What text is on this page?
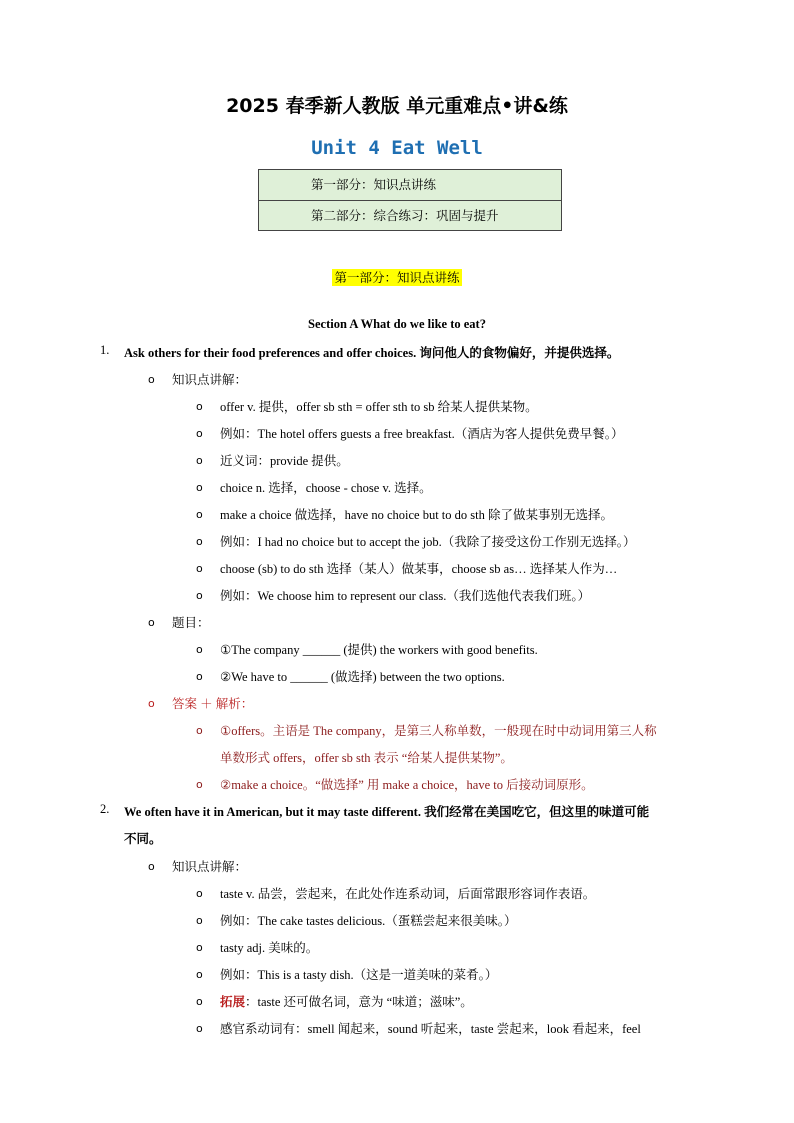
2025 春季新人教版 单元重难点•讲&练
Unit 4 Eat Well
第一部分：知识点讲练
第二部分：综合练习：巩固与提升
第一部分：知识点讲练
Section A What do we like to eat?
1. Ask others for their food preferences and offer choices. 询问他人的食物偏好，并提供选择。
o 知识点讲解：
o offer v. 提供，offer sb sth = offer sth to sb 给某人提供某物。
o 例如：The hotel offers guests a free breakfast.（酒店为客人提供免费早餐。）
o 近义词：provide 提供。
o choice n. 选择，choose - chose v. 选择。
o make a choice 做选择，have no choice but to do sth 除了做某事别无选择。
o 例如：I had no choice but to accept the job.（我除了接受这份工作别无选择。）
o choose (sb) to do sth 选择（某人）做某事，choose sb as… 选择某人作为…
o 例如：We choose him to represent our class.（我们选他代表我们班。）
o 题目：
o ①The company ______ (提供) the workers with good benefits.
o ②We have to ______ (做选择) between the two options.
o 答案 ＋ 解析：
o ①offers。主语是 The company，是第三人称单数，一般现在时中动词用第三人称
单数形式 offers，offer sb sth 表示 “给某人提供某物”。
o ②make a choice。“做选择” 用 make a choice，have to 后接动词原形。
2. We often have it in American, but it may taste different. 我们经常在美国吃它，但这里的味道可能
不同。
o 知识点讲解：
o taste v. 品尝，尝起来，在此处作连系动词，后面常跟形容词作表语。
o 例如：The cake tastes delicious.（蛋糕尝起来很美味。）
o tasty adj. 美味的。
o 例如：This is a tasty dish.（这是一道美味的菜肴。）
o 拓展：taste 还可做名词，意为 “味道；滋味”。
o 感官系动词有：smell 闻起来，sound 听起来，taste 尝起来，look 看起来，feel
